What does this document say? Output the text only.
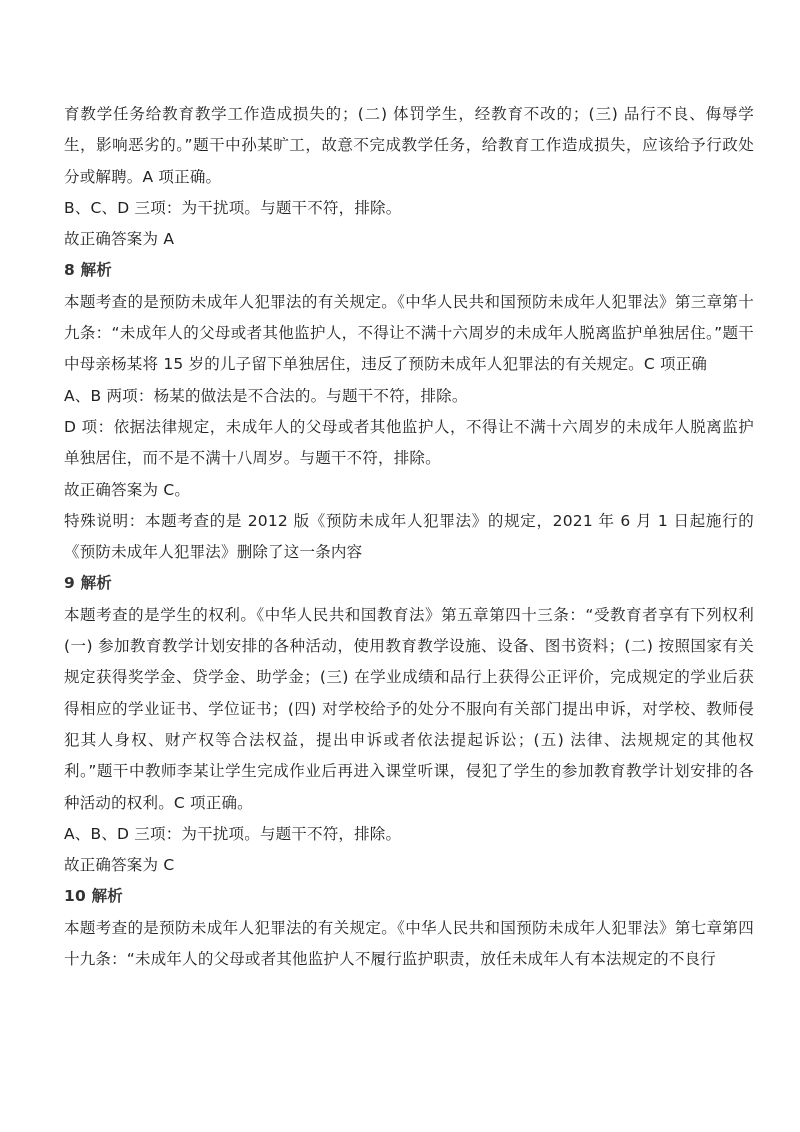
育教学任务给教育教学工作造成损失的；(二) 体罚学生，经教育不改的；(三) 品行不良、侮辱学生，影响恶劣的。”题干中孙某旷工，故意不完成教学任务，给教育工作造成损失，应该给予行政处分或解聘。A 项正确。

B、C、D 三项：为干扰项。与题干不符，排除。

故正确答案为 A

8 解析

本题考查的是预防未成年人犯罪法的有关规定。《中华人民共和国预防未成年人犯罪法》第三章第十九条：“未成年人的父母或者其他监护人，不得让不满十六周岁的未成年人脱离监护单独居住。”题干中母亲杨某将 15 岁的儿子留下单独居住，违反了预防未成年人犯罪法的有关规定。C 项正确

A、B 两项：杨某的做法是不合法的。与题干不符，排除。

D 项：依据法律规定，未成年人的父母或者其他监护人，不得让不满十六周岁的未成年人脱离监护单独居住，而不是不满十八周岁。与题干不符，排除。

故正确答案为 C。

特殊说明：本题考查的是 2012 版《预防未成年人犯罪法》的规定，2021 年 6 月 1 日起施行的《预防未成年人犯罪法》删除了这一条内容

9 解析

本题考查的是学生的权利。《中华人民共和国教育法》第五章第四十三条：“受教育者享有下列权利(一) 参加教育教学计划安排的各种活动，使用教育教学设施、设备、图书资料；(二) 按照国家有关规定获得奖学金、贷学金、助学金；(三) 在学业成绩和品行上获得公正评价，完成规定的学业后获得相应的学业证书、学位证书；(四) 对学校给予的处分不服向有关部门提出申诉，对学校、教师侵犯其人身权、财产权等合法权益，提出申诉或者依法提起诉讼；(五) 法律、法规规定的其他权利。”题干中教师李某让学生完成作业后再进入课堂听课，侵犯了学生的参加教育教学计划安排的各种活动的权利。C 项正确。

A、B、D 三项：为干扰项。与题干不符，排除。

故正确答案为 C

10 解析

本题考查的是预防未成年人犯罪法的有关规定。《中华人民共和国预防未成年人犯罪法》第七章第四十九条：“未成年人的父母或者其他监护人不履行监护职责，放任未成年人有本法规定的不良行
